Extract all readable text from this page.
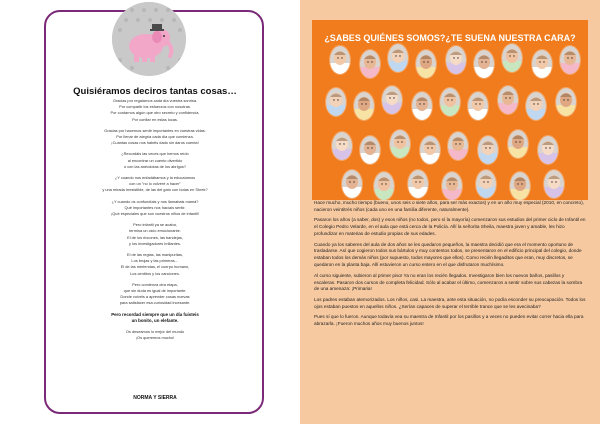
Quisiéramos deciros tantas cosas…

Gracias por regalarnos cada día vuestra sonrisa.
Por compartir los esfuerzos con nosotras.
Por contarnos algún que otro secreto y confidencia.
Por confiar en estas locas.

Gracias por hacernos sentir importantes en vuestras vidas.
Por llenar de alegría cada día que comienza.
¡Cuántas cosas nos habéis dado sin daros cuenta!

¿Recordáis las veces que hemos reído
al encontrar un cuento divertido
o con las anécdotas de los abrigos?

¿Y cuando nos enfadábamos y la educaíamos
con un "no lo volveré a hacer"
y una mirada irresistible, de las del gato con botas en Shrek?

¿Y cuando os confundíais y nos llamabais mamá?
Qué importantes nos hacíais sentir.
¡Qué especiales que son vuestros niños de infantil!

Pero infantil ya se acaba,
termina un ciclo emocionante.
El de los rincones, las bandejas,
y los investigadores brillantes.

El de las regias, las manipuritas,
Los brujas y las primeras…
El de las meriendas, el cuerpo humano,
Los cerditos y los canciones.

Pero comienza otra etapa,
que sin duda es igual de importante.
Donde volvéis a aprender cosas nuevas
para satisfacer esa curiosidad incesante.

Pero recordad siempre que un día fuisteis
un bonito, un elefante.

Os deseamos lo mejor del mundo
¡Os queremos mucho!

NORMA Y SIERRA
¿SABES QUIÉNES SOMOS?¿TE SUENA NUESTRA CARA?

Hace mucho, mucho tiempo (bueno, unos seis o siete años, para ser más exactos) y en un año muy especial (2010, en concreto), nacieron veintitrés niños (cada uno en una familia diferente, naturalmente).

Pasaron los años (a saber, dos) y esos niños (no todos, pero sí la mayoría) comenzaron sus estudios del primer ciclo de Infantil en el Colegio Pedro Velarde, en el aula que está cerca de la Policía. Allí la señorita Sheila, maestra joven y amable, les hizo profundizar en materias de estudio propias de sus edades.

Cuando ya los saberes del aula de dos años se les quedaron pequeños, la maestra decidió que era el momento oportuno de trasladarse. Así que cogieron todos sus bártulos y muy contentos todos, se presentaron en el edificio principal del colegio, donde estaban todos los demás niños (por supuesto, todos mayores que ellos). Como recién llegaditos que eran, muy discretos, se quedaron en la planta baja. Allí estuvieron un curso entero en el que disfrutaron muchísimo.

Al curso siguiente, subieron al primer piso! Ya no eran los recién llegados. Investigaron bien los nuevos baños, pasillos y escaleras. Pasaron dos cursos de completa felicidad. Sólo al acabar el último, comenzaron a sentir sobre sus cabezas la sombra de una amenaza: ¡Primaria!

Los padres estaban atemorizados. Los niños, casi. La maestra, ante esta situación, no podía esconder su preocupación. Todos los ojos estaban puestos en aquellos niños. ¿Serían capaces de superar el terrible trance que se les avecinaba?

Pues sí que lo fueron. Aunque todavía vea su maestra de Infantil por los pasillos y a veces no pueden evitar correr hacia ella para abrazarla. ¡Fueron muchos años muy buenos juntos!
